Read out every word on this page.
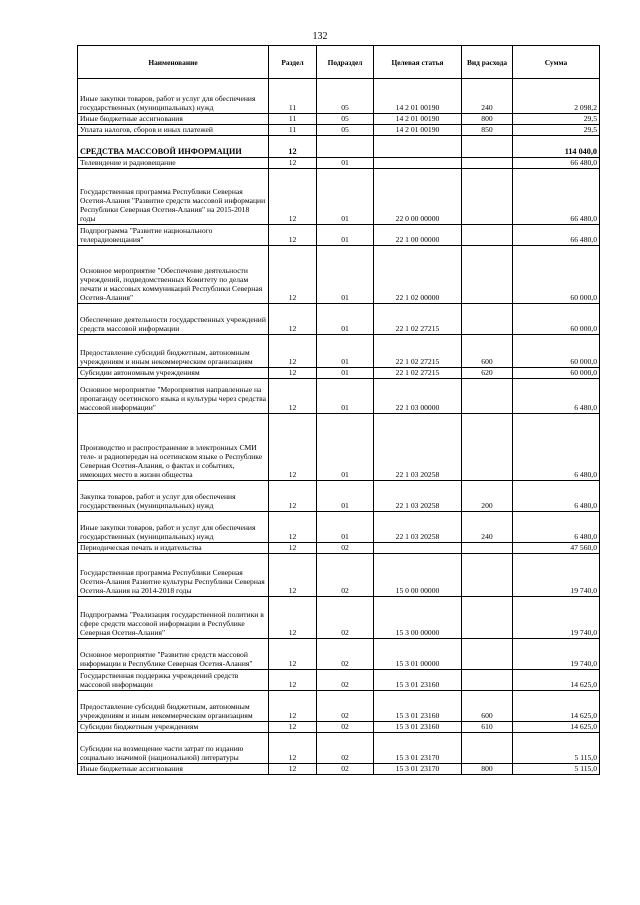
132
Наименование	Раздел	Подраздел	Целевая статья	Вид расхода	Сумма
Иные закупки товаров, работ и услуг для обеспечения государственных (муниципальных) нужд	11	05	14 2 01 00190	240	2 098,2
Иные бюджетные ассигнования	11	05	14 2 01 00190	800	29,5
Уплата налогов, сборов и иных платежей	11	05	14 2 01 00190	850	29,5
СРЕДСТВА МАССОВОЙ ИНФОРМАЦИИ	12				114 040,0
Телевидение и радиовещание	12	01			66 480,0
Государственная программа Республики Северная Осетия-Алания "Развитие средств массовой информации Республики Северная Осетия-Алания" на 2015-2018 годы	12	01	22 0 00 00000		66 480,0
Подпрограмма "Развитие национального телерадиовещания"	12	01	22 1 00 00000		66 480,0
Основное мероприятие "Обеспечение деятельности учреждений, подведомственных Комитету по делам печати и массовых коммуникаций Республики Северная Осетия-Алания"	12	01	22 1 02 00000		60 000,0
Обеспечение деятельности государственных учреждений средств массовой информации	12	01	22 1 02 27215		60 000,0
Предоставление субсидий бюджетным, автономным учреждениям и иным некоммерческим организациям	12	01	22 1 02 27215	600	60 000,0
Субсидии автономным учреждениям	12	01	22 1 02 27215	620	60 000,0
Основное мероприятие "Мероприятия направленные на пропаганду осетинского языка и культуры через средства массовой информации"	12	01	22 1 03 00000		6 480,0
Производство и распространение в электронных СМИ теле- и радиопередач на осетинском языке о Республике Северная Осетия-Алания, о фактах и событиях, имеющих место в жизни общества	12	01	22 1 03 20258		6 480,0
Закупка товаров, работ и услуг для обеспечения государственных (муниципальных) нужд	12	01	22 1 03 20258	200	6 480,0
Иные закупки товаров, работ и услуг для обеспечения государственных (муниципальных) нужд	12	01	22 1 03 20258	240	6 480,0
Периодическая печать и издательства	12	02			47 560,0
Государственная программа Республики Северная Осетия-Алания Развитие культуры Республики Северная Осетия-Алания на 2014-2018 годы	12	02	15 0 00 00000		19 740,0
Подпрограмма "Реализация государственной политики в сфере средств массовой информации в Республике Северная Осетия-Алания"	12	02	15 3 00 00000		19 740,0
Основное мероприятие "Развитие средств массовой информации в Республике Северная Осетия-Алания"	12	02	15 3 01 00000		19 740,0
Государственная поддержка учреждений средств массовой информации	12	02	15 3 01 23160		14 625,0
Предоставление субсидий бюджетным, автономным учреждениям и иным некоммерческим организациям	12	02	15 3 01 23160	600	14 625,0
Субсидии бюджетным учреждениям	12	02	15 3 01 23160	610	14 625,0
Субсидии на возмещение части затрат по изданию социально значимой (национальной) литературы	12	02	15 3 01 23170		5 115,0
Иные бюджетные ассигнования	12	02	15 3 01 23170	800	5 115,0
